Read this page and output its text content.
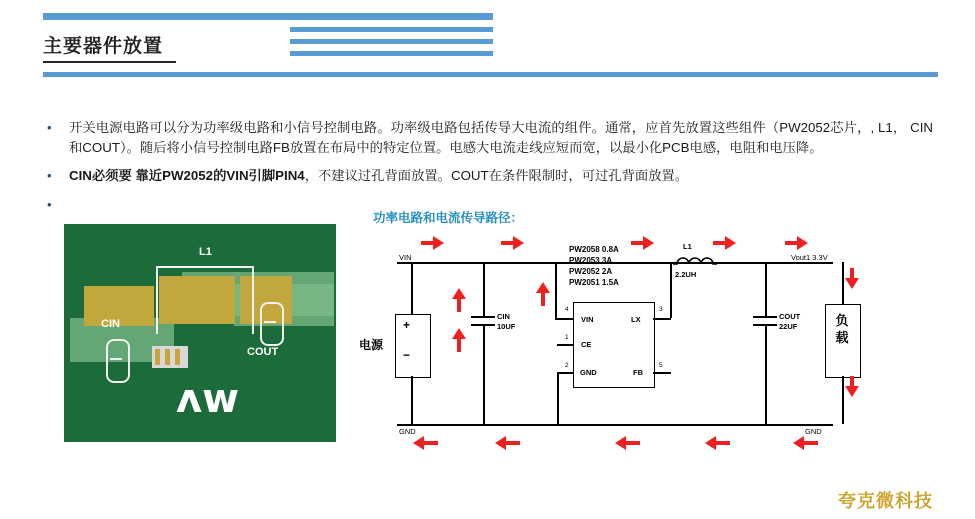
主要器件放置
•	开关电源电路可以分为功率级电路和小信号控制电路。功率级电路包括传导大电流的组件。通常，应首先放置这些组件（PW2052芯片，, L1， CIN和COUT）。随后将小信号控制电路FB放置在布局中的特定位置。电感大电流走线应短而宽，以最小化PCB电感，电阻和电压降。
•	CIN必须要 靠近PW2052的VIN引脚PIN4，不建议过孔背面放置。COUT在条件限制时，可过孔背面放置。
•
L1
CIN
COUT
ʌw
功率电路和电流传导路径：
VIN
GND	GND
Vout1 3.3V
+
−
电源
CIN
10UF
VIN	LX
CE
GND	FB
4	3
1
2	5
PW2058 0.8A
PW2053 3A
PW2052 2A
PW2051 1.5A
L1
2.2UH
COUT
22UF	负载
夸克微科技
